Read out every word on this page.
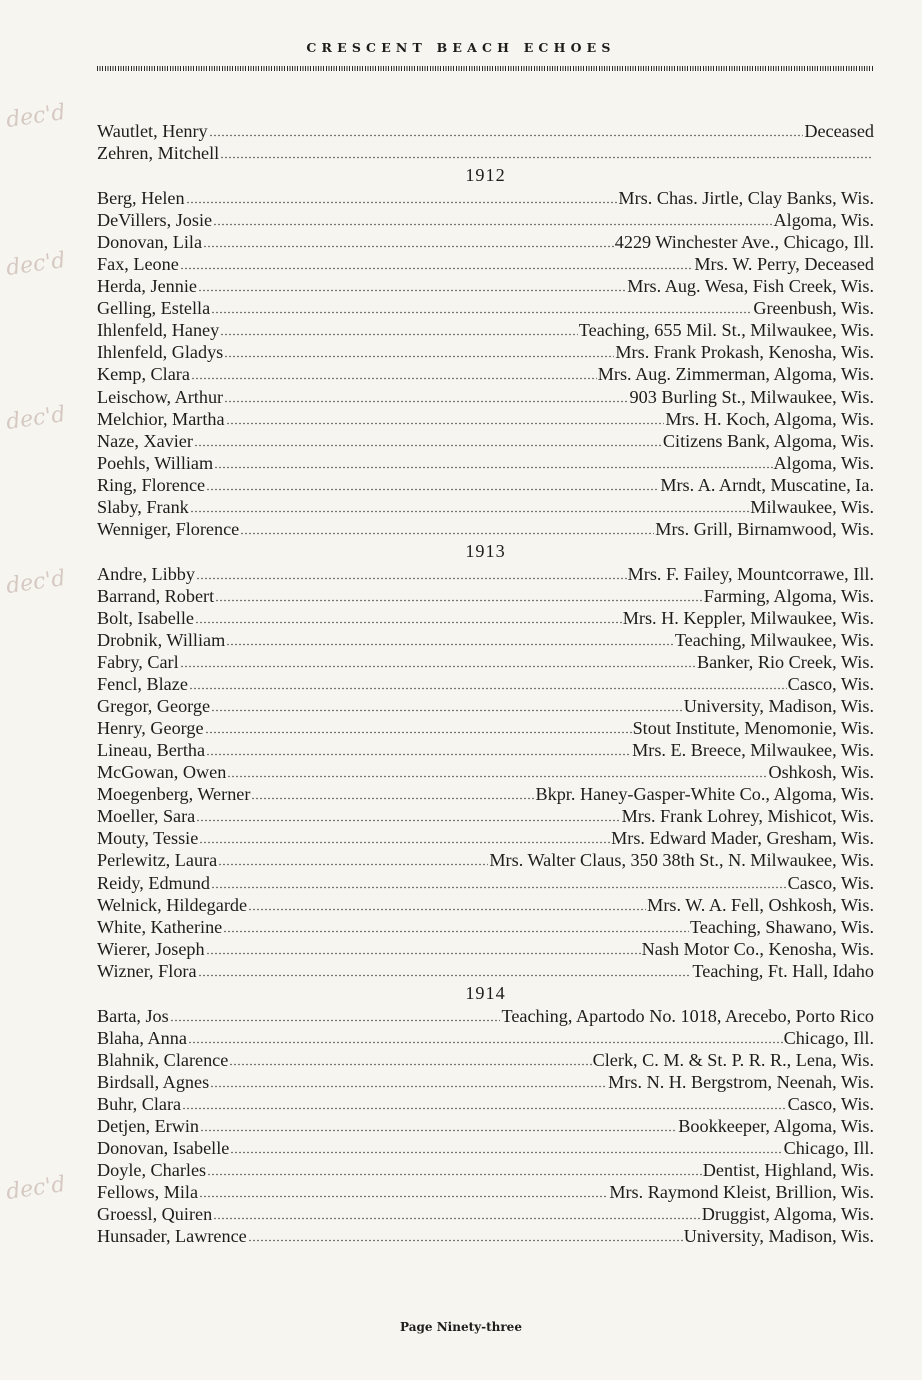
CRESCENT BEACH ECHOES
dec'd
dec'd
dec'd
dec'd
dec'd
Wautlet, Henry	Deceased
Zehren, Mitchell
1912
Berg, Helen	Mrs. Chas. Jirtle, Clay Banks, Wis.
DeVillers, Josie	Algoma, Wis.
Donovan, Lila	4229 Winchester Ave., Chicago, Ill.
Fax, Leone	Mrs. W. Perry, Deceased
Herda, Jennie	Mrs. Aug. Wesa, Fish Creek, Wis.
Gelling, Estella	Greenbush, Wis.
Ihlenfeld, Haney	Teaching, 655 Mil. St., Milwaukee, Wis.
Ihlenfeld, Gladys	Mrs. Frank Prokash, Kenosha, Wis.
Kemp, Clara	Mrs. Aug. Zimmerman, Algoma, Wis.
Leischow, Arthur	903 Burling St., Milwaukee, Wis.
Melchior, Martha	Mrs. H. Koch, Algoma, Wis.
Naze, Xavier	Citizens Bank, Algoma, Wis.
Poehls, William	Algoma, Wis.
Ring, Florence	Mrs. A. Arndt, Muscatine, Ia.
Slaby, Frank	Milwaukee, Wis.
Wenniger, Florence	Mrs. Grill, Birnamwood, Wis.
1913
Andre, Libby	Mrs. F. Failey, Mountcorrawe, Ill.
Barrand, Robert	Farming, Algoma, Wis.
Bolt, Isabelle	Mrs. H. Keppler, Milwaukee, Wis.
Drobnik, William	Teaching, Milwaukee, Wis.
Fabry, Carl	Banker, Rio Creek, Wis.
Fencl, Blaze	Casco, Wis.
Gregor, George	University, Madison, Wis.
Henry, George	Stout Institute, Menomonie, Wis.
Lineau, Bertha	Mrs. E. Breece, Milwaukee, Wis.
McGowan, Owen	Oshkosh, Wis.
Moegenberg, Werner	Bkpr. Haney-Gasper-White Co., Algoma, Wis.
Moeller, Sara	Mrs. Frank Lohrey, Mishicot, Wis.
Mouty, Tessie	Mrs. Edward Mader, Gresham, Wis.
Perlewitz, Laura	Mrs. Walter Claus, 350 38th St., N. Milwaukee, Wis.
Reidy, Edmund	Casco, Wis.
Welnick, Hildegarde	Mrs. W. A. Fell, Oshkosh, Wis.
White, Katherine	Teaching, Shawano, Wis.
Wierer, Joseph	Nash Motor Co., Kenosha, Wis.
Wizner, Flora	Teaching, Ft. Hall, Idaho
1914
Barta, Jos	Teaching, Apartodo No. 1018, Arecebo, Porto Rico
Blaha, Anna	Chicago, Ill.
Blahnik, Clarence	Clerk, C. M. & St. P. R. R., Lena, Wis.
Birdsall, Agnes	Mrs. N. H. Bergstrom, Neenah, Wis.
Buhr, Clara	Casco, Wis.
Detjen, Erwin	Bookkeeper, Algoma, Wis.
Donovan, Isabelle	Chicago, Ill.
Doyle, Charles	Dentist, Highland, Wis.
Fellows, Mila	Mrs. Raymond Kleist, Brillion, Wis.
Groessl, Quiren	Druggist, Algoma, Wis.
Hunsader, Lawrence	University, Madison, Wis.
Page Ninety-three
